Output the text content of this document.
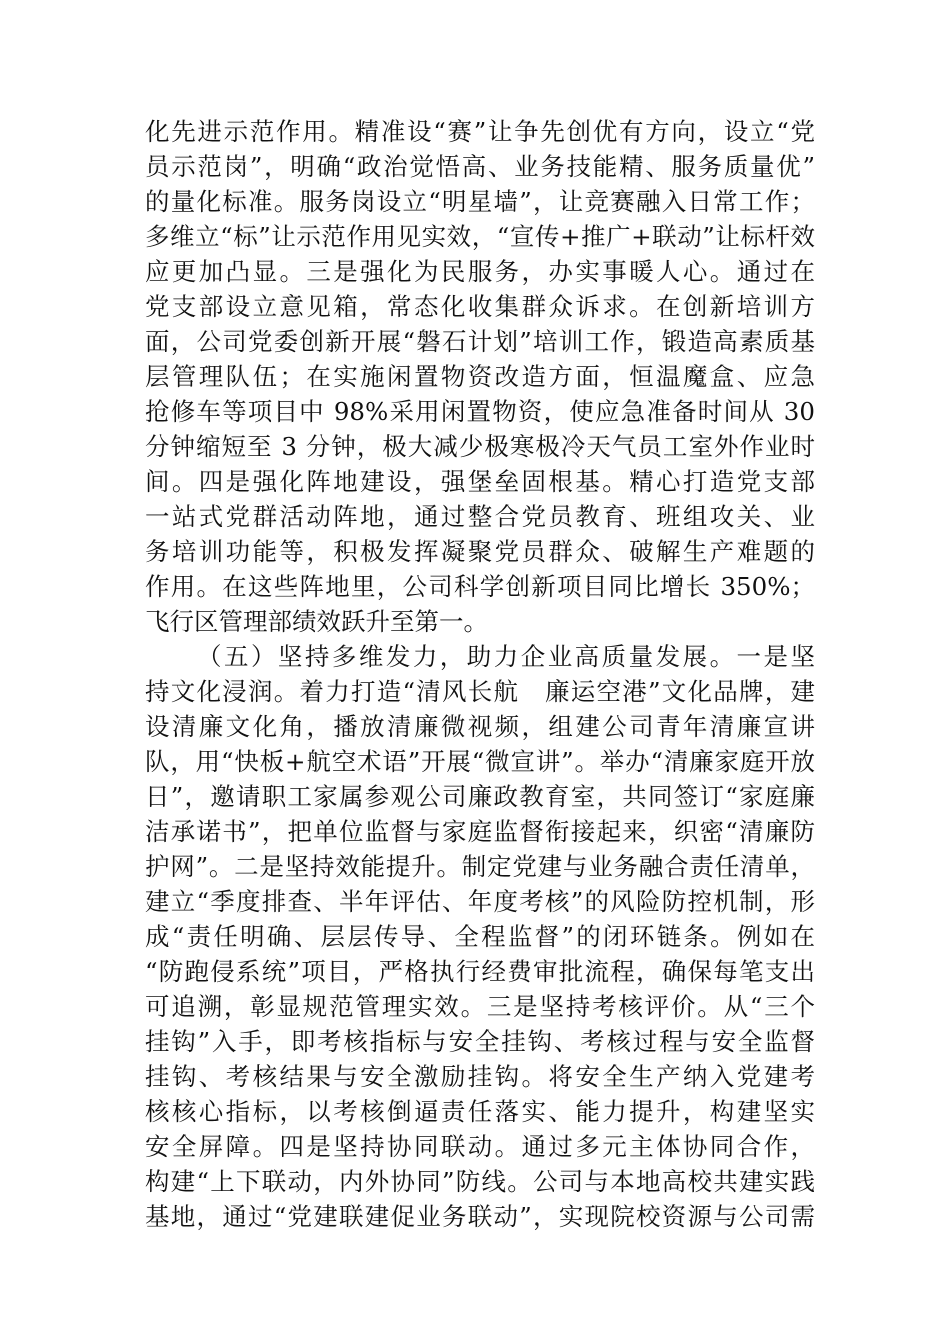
化先进示范作用。精准设“赛”让争先创优有方向，设立“党
员示范岗”，明确“政治觉悟高、业务技能精、服务质量优”
的量化标准。服务岗设立“明星墙”，让竞赛融入日常工作；
多维立“标”让示范作用见实效，“宣传+推广+联动”让标杆效
应更加凸显。三是强化为民服务，办实事暖人心。通过在
党支部设立意见箱，常态化收集群众诉求。在创新培训方
面，公司党委创新开展“磐石计划”培训工作，锻造高素质基
层管理队伍；在实施闲置物资改造方面，恒温魔盒、应急
抢修车等项目中 98%采用闲置物资，使应急准备时间从 30
分钟缩短至 3 分钟，极大减少极寒极冷天气员工室外作业时
间。四是强化阵地建设，强堡垒固根基。精心打造党支部
一站式党群活动阵地，通过整合党员教育、班组攻关、业
务培训功能等，积极发挥凝聚党员群众、破解生产难题的
作用。在这些阵地里，公司科学创新项目同比增长 350%；
飞行区管理部绩效跃升至第一。
（五）坚持多维发力，助力企业高质量发展。一是坚
持文化浸润。着力打造“清风长航　廉运空港”文化品牌，建
设清廉文化角，播放清廉微视频，组建公司青年清廉宣讲
队，用“快板+航空术语”开展“微宣讲”。举办“清廉家庭开放
日”，邀请职工家属参观公司廉政教育室，共同签订“家庭廉
洁承诺书”，把单位监督与家庭监督衔接起来，织密“清廉防
护网”。二是坚持效能提升。制定党建与业务融合责任清单，
建立“季度排查、半年评估、年度考核”的风险防控机制，形
成“责任明确、层层传导、全程监督”的闭环链条。例如在
“防跑侵系统”项目，严格执行经费审批流程，确保每笔支出
可追溯，彰显规范管理实效。三是坚持考核评价。从“三个
挂钩”入手，即考核指标与安全挂钩、考核过程与安全监督
挂钩、考核结果与安全激励挂钩。将安全生产纳入党建考
核核心指标，以考核倒逼责任落实、能力提升，构建坚实
安全屏障。四是坚持协同联动。通过多元主体协同合作，
构建“上下联动，内外协同”防线。公司与本地高校共建实践
基地，通过“党建联建促业务联动”，实现院校资源与公司需
